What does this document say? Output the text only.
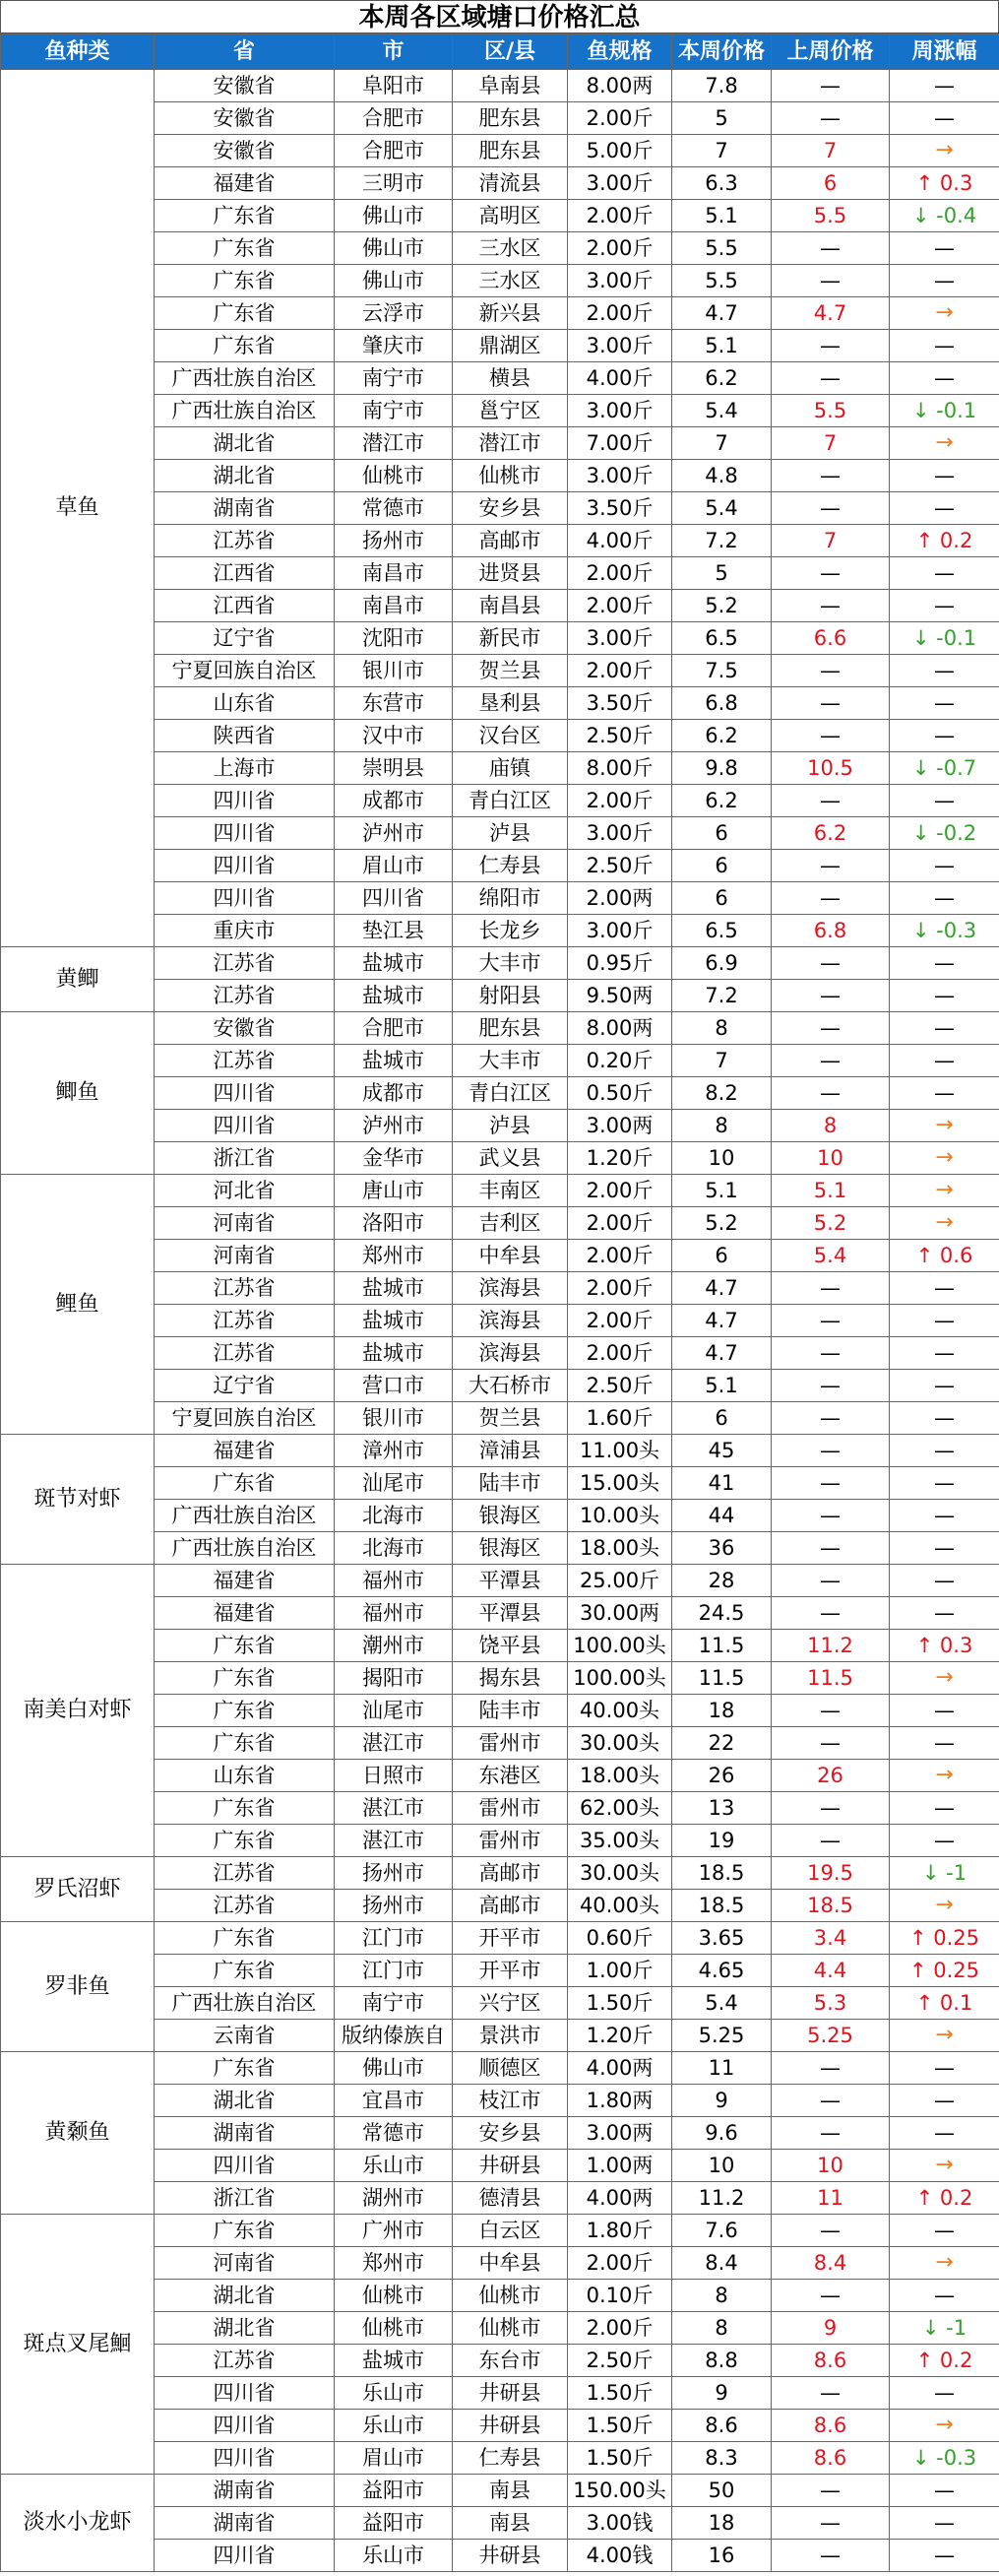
本周各区域塘口价格汇总
鱼种类	省	市	区/县	鱼规格	本周价格	上周价格	周涨幅
草鱼	安徽省	阜阳市	阜南县	8.00两	7.8	—	—
	安徽省	合肥市	肥东县	2.00斤	5	—	—
	安徽省	合肥市	肥东县	5.00斤	7	7	→
	福建省	三明市	清流县	3.00斤	6.3	6	↑ 0.3
	广东省	佛山市	高明区	2.00斤	5.1	5.5	↓ -0.4
	广东省	佛山市	三水区	2.00斤	5.5	—	—
	广东省	佛山市	三水区	3.00斤	5.5	—	—
	广东省	云浮市	新兴县	2.00斤	4.7	4.7	→
	广东省	肇庆市	鼎湖区	3.00斤	5.1	—	—
	广西壮族自治区	南宁市	横县	4.00斤	6.2	—	—
	广西壮族自治区	南宁市	邕宁区	3.00斤	5.4	5.5	↓ -0.1
	湖北省	潜江市	潜江市	7.00斤	7	7	→
	湖北省	仙桃市	仙桃市	3.00斤	4.8	—	—
	湖南省	常德市	安乡县	3.50斤	5.4	—	—
	江苏省	扬州市	高邮市	4.00斤	7.2	7	↑ 0.2
	江西省	南昌市	进贤县	2.00斤	5	—	—
	江西省	南昌市	南昌县	2.00斤	5.2	—	—
	辽宁省	沈阳市	新民市	3.00斤	6.5	6.6	↓ -0.1
	宁夏回族自治区	银川市	贺兰县	2.00斤	7.5	—	—
	山东省	东营市	垦利县	3.50斤	6.8	—	—
	陕西省	汉中市	汉台区	2.50斤	6.2	—	—
	上海市	崇明县	庙镇	8.00斤	9.8	10.5	↓ -0.7
	四川省	成都市	青白江区	2.00斤	6.2	—	—
	四川省	泸州市	泸县	3.00斤	6	6.2	↓ -0.2
	四川省	眉山市	仁寿县	2.50斤	6	—	—
	四川省	四川省	绵阳市	2.00两	6	—	—
	重庆市	垫江县	长龙乡	3.00斤	6.5	6.8	↓ -0.3
黄鲫	江苏省	盐城市	大丰市	0.95斤	6.9	—	—
	江苏省	盐城市	射阳县	9.50两	7.2	—	—
鲫鱼	安徽省	合肥市	肥东县	8.00两	8	—	—
	江苏省	盐城市	大丰市	0.20斤	7	—	—
	四川省	成都市	青白江区	0.50斤	8.2	—	—
	四川省	泸州市	泸县	3.00两	8	8	→
	浙江省	金华市	武义县	1.20斤	10	10	→
鲤鱼	河北省	唐山市	丰南区	2.00斤	5.1	5.1	→
	河南省	洛阳市	吉利区	2.00斤	5.2	5.2	→
	河南省	郑州市	中牟县	2.00斤	6	5.4	↑ 0.6
	江苏省	盐城市	滨海县	2.00斤	4.7	—	—
	江苏省	盐城市	滨海县	2.00斤	4.7	—	—
	江苏省	盐城市	滨海县	2.00斤	4.7	—	—
	辽宁省	营口市	大石桥市	2.50斤	5.1	—	—
	宁夏回族自治区	银川市	贺兰县	1.60斤	6	—	—
斑节对虾	福建省	漳州市	漳浦县	11.00头	45	—	—
	广东省	汕尾市	陆丰市	15.00头	41	—	—
	广西壮族自治区	北海市	银海区	10.00头	44	—	—
	广西壮族自治区	北海市	银海区	18.00头	36	—	—
南美白对虾	福建省	福州市	平潭县	25.00斤	28	—	—
	福建省	福州市	平潭县	30.00两	24.5	—	—
	广东省	潮州市	饶平县	100.00头	11.5	11.2	↑ 0.3
	广东省	揭阳市	揭东县	100.00头	11.5	11.5	→
	广东省	汕尾市	陆丰市	40.00头	18	—	—
	广东省	湛江市	雷州市	30.00头	22	—	—
	山东省	日照市	东港区	18.00头	26	26	→
	广东省	湛江市	雷州市	62.00头	13	—	—
	广东省	湛江市	雷州市	35.00头	19	—	—
罗氏沼虾	江苏省	扬州市	高邮市	30.00头	18.5	19.5	↓ -1
	江苏省	扬州市	高邮市	40.00头	18.5	18.5	→
罗非鱼	广东省	江门市	开平市	0.60斤	3.65	3.4	↑ 0.25
	广东省	江门市	开平市	1.00斤	4.65	4.4	↑ 0.25
	广西壮族自治区	南宁市	兴宁区	1.50斤	5.4	5.3	↑ 0.1
	云南省	版纳傣族自	景洪市	1.20斤	5.25	5.25	→
黄颡鱼	广东省	佛山市	顺德区	4.00两	11	—	—
	湖北省	宜昌市	枝江市	1.80两	9	—	—
	湖南省	常德市	安乡县	3.00两	9.6	—	—
	四川省	乐山市	井研县	1.00两	10	10	→
	浙江省	湖州市	德清县	4.00两	11.2	11	↑ 0.2
斑点叉尾鮰	广东省	广州市	白云区	1.80斤	7.6	—	—
	河南省	郑州市	中牟县	2.00斤	8.4	8.4	→
	湖北省	仙桃市	仙桃市	0.10斤	8	—	—
	湖北省	仙桃市	仙桃市	2.00斤	8	9	↓ -1
	江苏省	盐城市	东台市	2.50斤	8.8	8.6	↑ 0.2
	四川省	乐山市	井研县	1.50斤	9	—	—
	四川省	乐山市	井研县	1.50斤	8.6	8.6	→
	四川省	眉山市	仁寿县	1.50斤	8.3	8.6	↓ -0.3
淡水小龙虾	湖南省	益阳市	南县	150.00头	50	—	—
	湖南省	益阳市	南县	3.00钱	18	—	—
	四川省	乐山市	井研县	4.00钱	16	—	—
